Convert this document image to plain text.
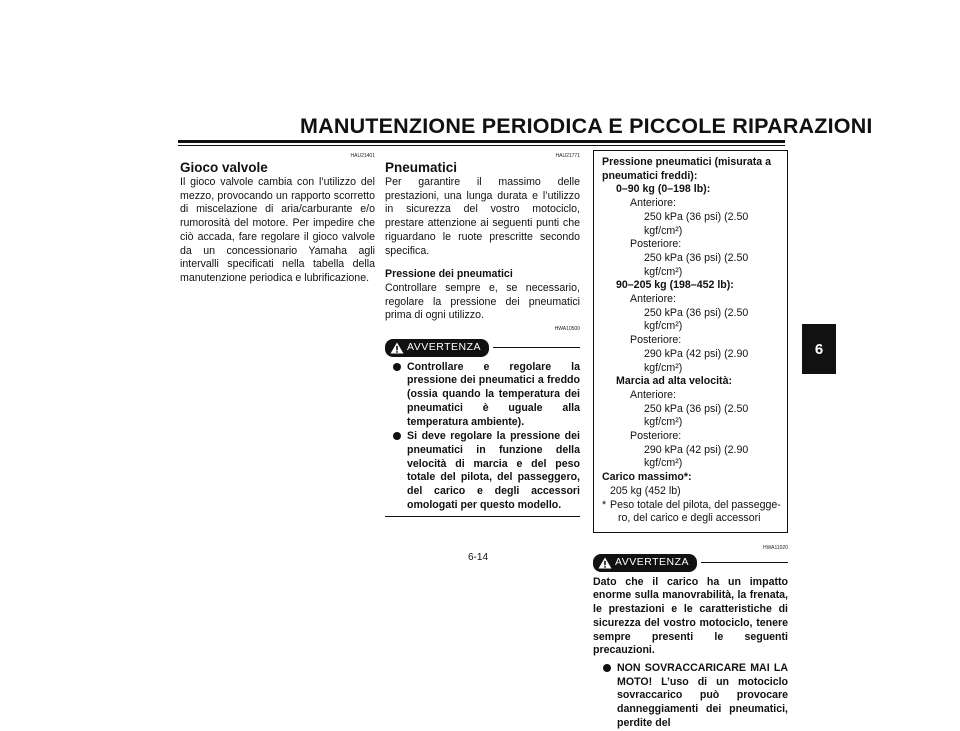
MANUTENZIONE PERIODICA E PICCOLE RIPARAZIONI
6
HAU21401
Gioco valvole
Il gioco valvole cambia con l’utilizzo del mezzo, provocando un rapporto scorretto di miscelazione di aria/carburante e/o rumorosità del motore. Per impedire che ciò accada, fare regolare il gioco valvole da un concessionario Yamaha agli intervalli specificati nella tabella della manutenzione periodica e lubrificazione.
HAU21771
Pneumatici
Per garantire il massimo delle prestazioni, una lunga durata e l’utilizzo in sicurezza del vostro motociclo, prestare attenzione ai seguenti punti che riguardano le ruote prescritte secondo specifica.
Pressione dei pneumatici
Controllare sempre e, se necessario, regolare la pressione dei pneumatici prima di ogni utilizzo.
HWA10500
AVVERTENZA
Controllare e regolare la pressione dei pneumatici a freddo (ossia quando la temperatura dei pneumatici è uguale alla temperatura ambiente).
Si deve regolare la pressione dei pneumatici in funzione della velocità di marcia e del peso totale del pilota, del passeggero, del carico e degli accessori omologati per questo modello.
Pressione pneumatici (misurata a pneumatici freddi):
0–90 kg (0–198 lb):
Anteriore:
250 kPa (36 psi) (2.50 kgf/cm²)
Posteriore:
250 kPa (36 psi) (2.50 kgf/cm²)
90–205 kg (198–452 lb):
Anteriore:
250 kPa (36 psi) (2.50 kgf/cm²)
Posteriore:
290 kPa (42 psi) (2.90 kgf/cm²)
Marcia ad alta velocità:
Anteriore:
250 kPa (36 psi) (2.50 kgf/cm²)
Posteriore:
290 kPa (42 psi) (2.90 kgf/cm²)
Carico massimo*:
205 kg (452 lb)
* Peso totale del pilota, del passegge-
ro, del carico e degli accessori
HWA11020
AVVERTENZA
Dato che il carico ha un impatto enorme sulla manovrabilità, la frenata, le prestazioni e le caratteristiche di sicurezza del vostro motociclo, tenere sempre presenti le seguenti precauzioni.
NON SOVRACCARICARE MAI LA MOTO! L’uso di un motociclo sovraccarico può provocare danneggiamenti dei pneumatici, perdite del
6-14
